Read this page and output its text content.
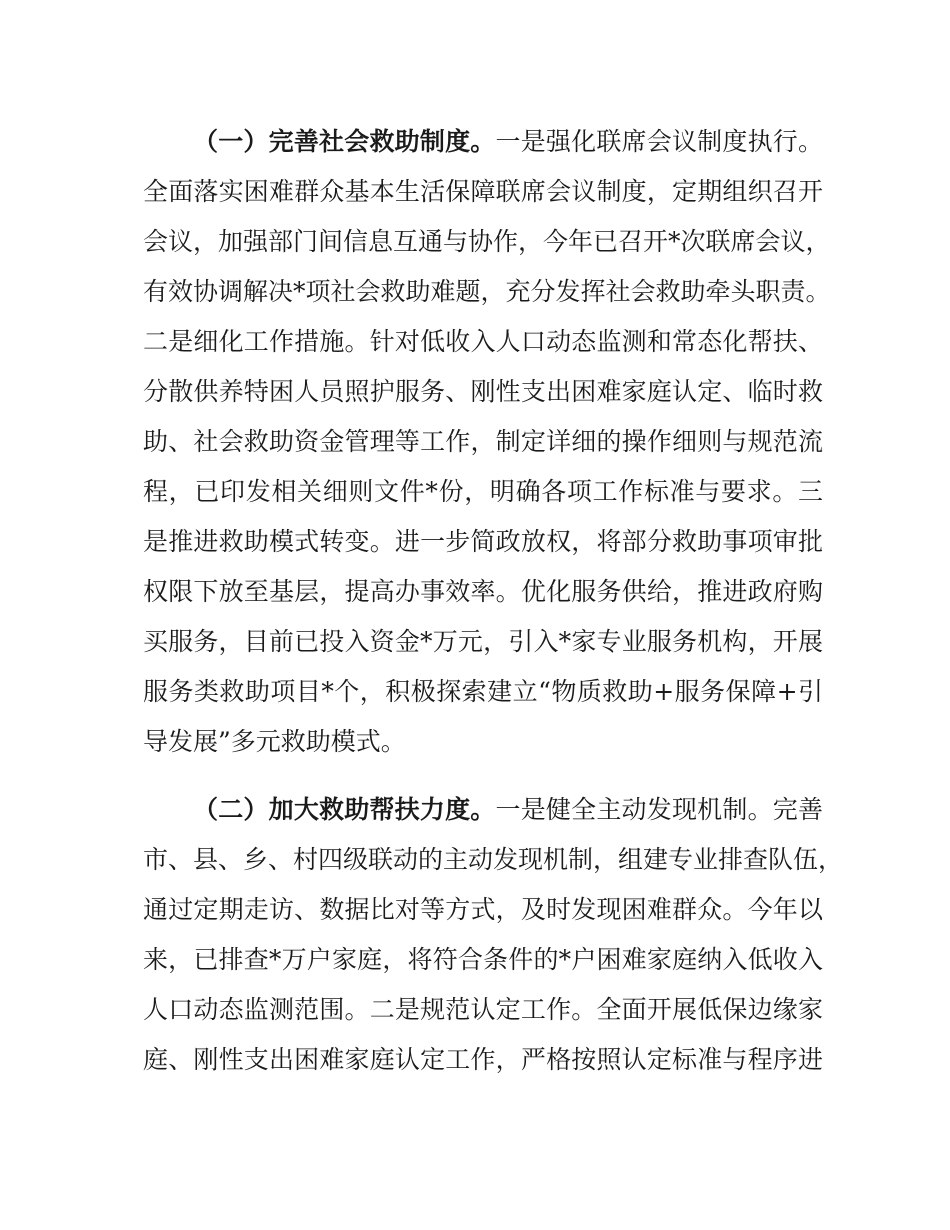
（一）完善社会救助制度。一是强化联席会议制度执行。
全面落实困难群众基本生活保障联席会议制度，定期组织召开
会议，加强部门间信息互通与协作，今年已召开*次联席会议，
有效协调解决*项社会救助难题，充分发挥社会救助牵头职责。
二是细化工作措施。针对低收入人口动态监测和常态化帮扶、
分散供养特困人员照护服务、刚性支出困难家庭认定、临时救
助、社会救助资金管理等工作，制定详细的操作细则与规范流
程，已印发相关细则文件*份，明确各项工作标准与要求。三
是推进救助模式转变。进一步简政放权，将部分救助事项审批
权限下放至基层，提高办事效率。优化服务供给，推进政府购
买服务，目前已投入资金*万元，引入*家专业服务机构，开展
服务类救助项目*个，积极探索建立“物质救助+服务保障+引
导发展”多元救助模式。
（二）加大救助帮扶力度。一是健全主动发现机制。完善
市、县、乡、村四级联动的主动发现机制，组建专业排查队伍，
通过定期走访、数据比对等方式，及时发现困难群众。今年以
来，已排查*万户家庭，将符合条件的*户困难家庭纳入低收入
人口动态监测范围。二是规范认定工作。全面开展低保边缘家
庭、刚性支出困难家庭认定工作，严格按照认定标准与程序进
